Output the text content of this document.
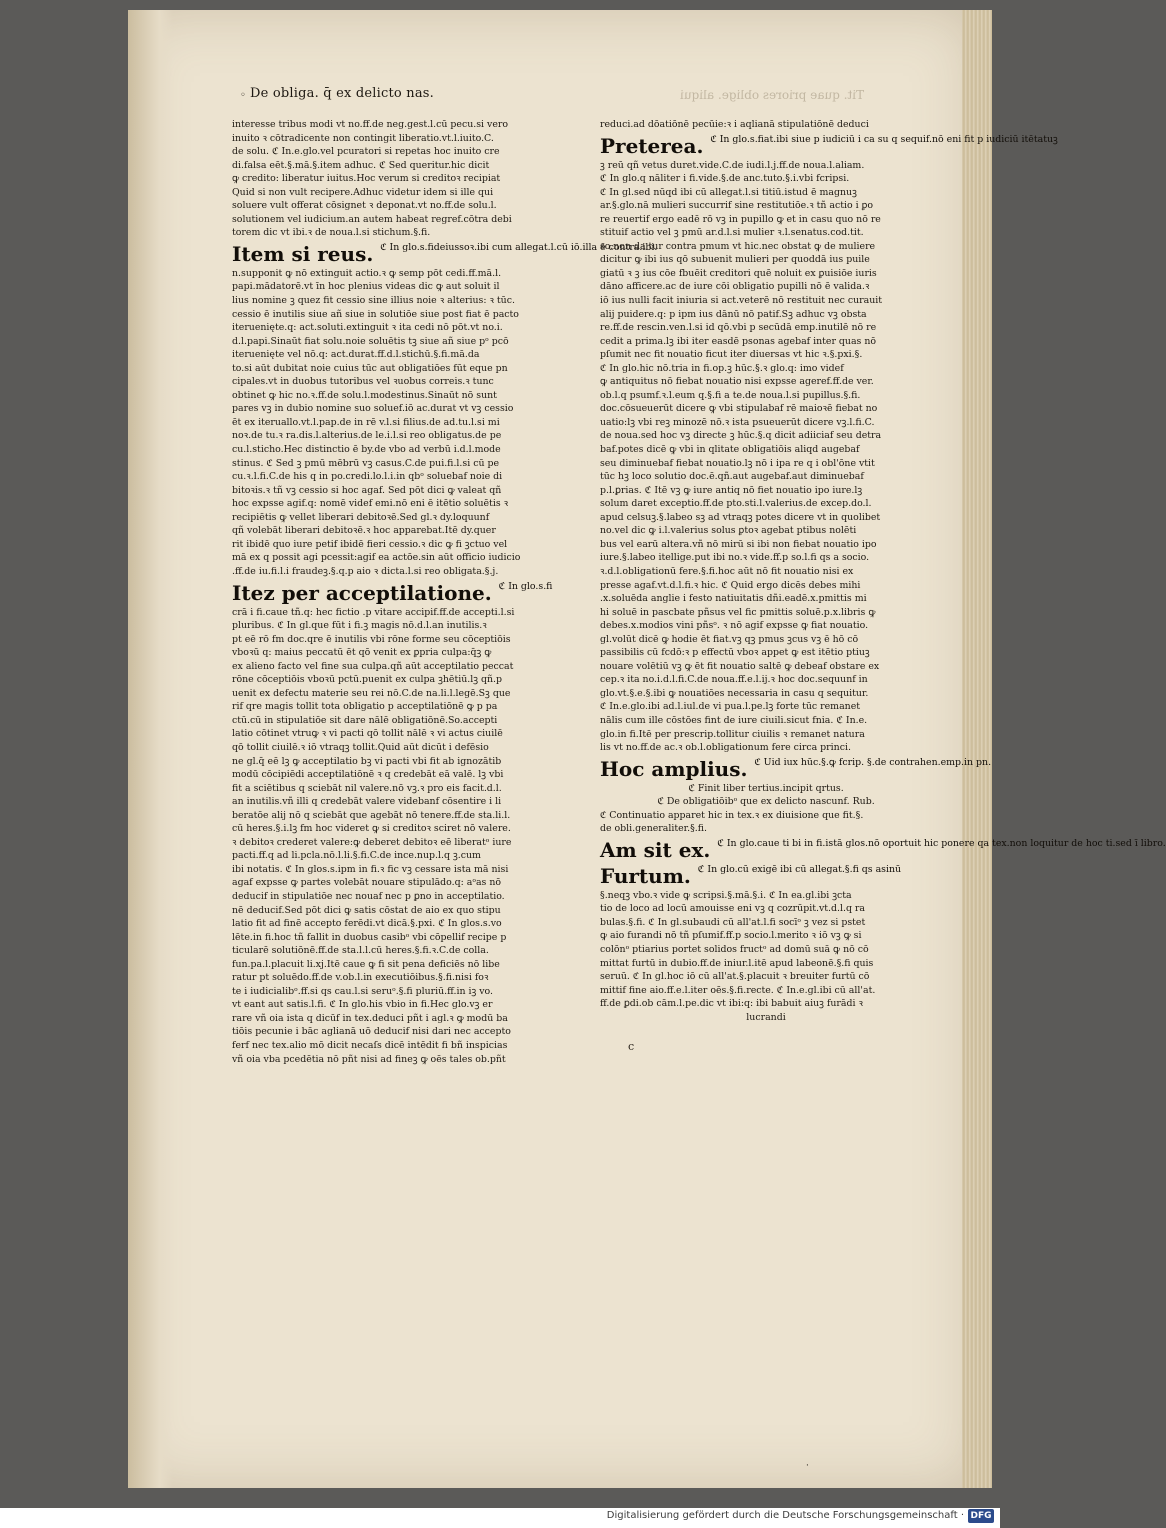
◦ De obliga. q̄ ex delicto nas.	Tit. quae priores oblige. aliqui
interesse tribus modi vt no.ff.de neg.gest.l.cū pecu.si vero
inuito ꝛ cōtradicente non contingit liberatio.vt.l.iuito.C.
de solu. ℭ In.e.glo.vel pcuratori si repetas hoc inuito cre
di.falsa eēt.§.mā.§.item adhuc. ℭ Sed queritur.hic dicit
ꝙ credito: liberatur iuitus.Hoc verum si creditoꝛ recipiat
Quid si non vult recipere.Adhuc videtur idem si ille qui
soluere vult offerat cōsignet ꝛ deponat.vt no.ff.de solu.l.
solutionem vel iudicium.an autem habeat regref.cōtra debi
torem dic vt ibi.ꝛ de noua.l.si stichum.§.fi.
Item si reus. $^{ℭ In glo.s.fideiussoꝛ.ibi cum allegat.l.cū iō.illa ē contra.ibi.}$
n.supponit ꝙ nō extinguit actio.ꝛ ꝙ semp pōt cedi.ff.mā.l.
papi.mādatorē.vt īn hoc plenius videas dic ꝙ aut soluit il
lius nomine ꝫ quez fit cessio sine illius noie ꝛ alterius: ꝛ tūc.
cessio ē inutilis siue añ siue in solutiōe siue post fiat ē pacto
iteruenięte.q: act.soluti.extinguit ꝛ ita cedi nō pōt.vt no.i.
d.l.papi.Sinaūt fiat solu.noie soluētis tꝫ siue añ siue pᵒ pcō
iteruenięte vel nō.q: act.durat.ff.d.l.stichū.§.fi.mā.da
to.si aūt dubitat noie cuius tūc aut obligatiōes fūt eque pn
cipales.vt in duobus tutoribus vel ꝛuobus correis.ꝛ tunc
obtinet ꝙ hic no.ꝛ.ff.de solu.l.modestinus.Sinaūt nō sunt
pares vꝫ in dubio nomine suo soluef.iō ac.durat vt vꝫ cessio
ēt ex iteruallo.vt.l.pap.de in rē v.l.si filius.de ad.tu.l.si mi
noꝛ.de tu.ꝛ ra.dis.l.alterius.de le.i.l.si reo obligatus.de pe
cu.l.sticho.Hec distinctio ē by.de vbo ad verbū i.d.l.mode
stinus. ℭ Sed ꝫ pmū mēbrū vꝫ casus.C.de pui.fi.l.si cū pe
cu.ꝛ.l.fi.C.de his q in po.credi.lo.l.i.in qbᵒ soluebaf noie di
bitoꝛis.ꝛ tñ vꝫ cessio si hoc agaf. Sed pōt dici ꝙ valeat qñ
hoc expsse agif.q: nomē videf emi.nō eni ē itētio soluētis ꝛ
recipiētis ꝙ vellet liberari debitoꝛē.Sed gl.ꝛ dy.loquunf
qñ volebāt liberari debitoꝛē.ꝛ hoc apparebat.Itē dy.quer
rit ibidē quo iure petif ibidē fieri cessio.ꝛ dic ꝙ fi ꝫctuo vel
mā ex q possit agi pcessit:agif ea actōe.sin aūt officio iudicio
.ff.de iu.fi.l.i fraudeꝫ.§.q.p aio ꝛ dicta.l.si reo obligata.§.j.
Itez per acceptilatione. $^{ℭ In glo.s.fi}$
crā i fi.caue tñ.q: hec fictio .p vitare accipif.ff.de accepti.l.si
pluribus. ℭ In gl.que fūt i fi.ꝫ magis nō.d.l.an inutilis.ꝛ
pt eē rō fm doc.qre ē inutilis vbi rōne forme seu cōceptiōis
vboꝛū q: maius peccatū ēt qō venit ex ꝑpria culpa:q̄ꝫ ꝙ
ex alieno facto vel fine sua culpa.qñ aūt acceptilatio peccat
rōne cōceptiōis vboꝛū pctū.puenit ex culpa ꝫhētiū.lꝫ qñ.p
uenit ex defectu materie seu rei nō.C.de na.li.l.legē.Sꝫ que
rif qre magis tollit tota obligatio p acceptilatiōnē ꝙ p pa
ctū.cū in stipulatiōe sit dare nālē obligatiōnē.So.accepti
latio cōtinet vtruꝙ ꝛ vi pacti qō tollit nālē ꝛ vi actus ciuilē
qō tollit ciuilē.ꝛ iō vtraqꝫ tollit.Quid aūt dicūt i defēsio
ne gl.q̄ eē lꝫ ꝙ acceptilatio bꝫ vi pacti vbi fit ab ignozātib
modū cōcipiēdi acceptilatiōnē ꝛ q credebāt eā valē. lꝫ vbi
fit a sciētibus q sciebāt nil valere.nō vꝫ.ꝛ pro eis facit.d.l.
an inutilis.vñ illi q credebāt valere videbanf cōsentire i li
beratōe alij nō q sciebāt que agebāt nō tenere.ff.de sta.li.l.
cū heres.§.i.lꝫ fm hoc videret ꝙ si creditoꝛ sciret nō valere.
ꝛ debitoꝛ crederet valere:ꝙ deberet debitoꝛ eē liberatᵒ iure
pacti.ff.q ad li.pcla.nō.l.li.§.fi.C.de ince.nup.l.q ꝫ.cum
ibi notatis. ℭ In glos.s.ipm in fi.ꝛ fic vꝫ cessare ista mā nisi
agaf expsse ꝙ partes volebāt nouare stipulādo.q: aᵒas nō
deducif in stipulatiōe nec nouaf nec p ꝑno in acceptilatio.
nē deducif.Sed pōt dici ꝙ satis cōstat de aio ex quo stipu
latio fit ad finē accepto ferēdi.vt dicā.§.pxi. ℭ In glos.s.vo
lēte.in fi.hoc tñ fallit in duobus casibᵒ vbi cōpellif recipe p
ticularē solutiōnē.ff.de sta.l.l.cū heres.§.fi.ꝛ.C.de colla.
fun.pa.l.placuit li.xj.Itē caue ꝙ fi sit pena deficiēs nō libe
ratur pt soluēdo.ff.de v.ob.l.in executiōibus.§.fi.nisi foꝛ
te i iudicialibᵒ.ff.si qs cau.l.si seruᵒ.§.fi pluriū.ff.in iꝫ vo.
vt eant aut satis.l.fi. ℭ In glo.his vbio in fi.Hec glo.vꝫ er
rare vñ oia ista q dicūf in tex.deduci pñt i agl.ꝛ ꝙ modū ba
tiōis pecunie i bāc aglianā uō deducif nisi dari nec accepto
ferf nec tex.alio mō dicit necaſs dicē intēdit fi bñ inspicias
vñ oia vba pcedētia nō pñt nisi ad fineꝫ ꝙ oēs tales ob.pñt
reduci.ad dōatiōnē pecūie:ꝛ i aqlianā stipulatiōnē deduci
Preterea. $^{ℭ In glo.s.fiat.ibi siue p iudiciū i ca su q sequif.nō eni fit p iudiciū itētatuꝫ}$
ꝫ reū qñ vetus duret.vide.C.de iudi.l.j.ff.de noua.l.aliam.
ℭ In glo.q nāliter i fi.vide.§.de anc.tuto.§.i.vbi fcripsi.
ℭ In gl.sed nūqd ibi cū allegat.l.si titiū.istud ē magnuꝫ
ar.§.glo.nā mulieri succurrif sine restitutiōe.ꝛ tñ actio i ꝑo
re reuertif ergo eadē rō vꝫ in pupillo ꝙ et in casu quo nō re
stituif actio vel ꝫ pmū ar.d.l.si mulier ꝛ.l.senatus.cod.tit.
so.non da tur contra pmum vt hic.nec obstat ꝙ de muliere
dicitur ꝙ ibi ius qō subuenit mulieri per quoddā ius puile
giatū ꝛ ꝫ ius cōe fbuēit creditori quē noluit ex ꝑuisiōe iuris
dāno afficere.ac de iure cōi obligatio pupilli nō ē valida.ꝛ
iō ius nulli facit iniuria si act.veterē nō restituit nec curauit
alij puidere.q: p ipm ius dānū nō patif.Sꝫ adhuc vꝫ obsta
re.ff.de rescin.ven.l.si id qō.vbi p secūdā emp.inutilē nō re
cedit a prima.lꝫ ibi iter easdē psonas agebaf inter quas nō
pſumit nec fit nouatio ficut iter diuersas vt hic ꝛ.§.pxi.§.
ℭ In glo.hic nō.tria in fi.op.ꝫ hūc.§.ꝛ glo.q: imo videf
ꝙ antiquitus nō fiebat nouatio nisi expsse ageref.ff.de ver.
ob.l.q psumf.ꝛ.l.eum q.§.fi a te.de noua.l.si pupillus.§.fi.
doc.cōsueuerūt dicere ꝙ vbi stipulabaf rē maioꝛē fiebat no
uatio:lꝫ vbi reꝫ minozē nō.ꝛ ista psueuerūt dicere vꝫ.l.fi.C.
de noua.sed hoc vꝫ directe ꝫ hūc.§.q dicit adiiciaf seu detra
baf.potes dicē ꝙ vbi in qlitate obligatiōis aliqd augebaf
seu diminuebaf fiebat nouatio.lꝫ nō i ipa re q i obl'ōne vtit
tūc hꝫ loco solutio doc.ē.qñ.aut augebaf.aut diminuebaf
p.l.ꝑrias. ℭ Itē vꝫ ꝙ iure antiq nō fiet nouatio ipo iure.lꝫ
solum daret exceptio.ff.de pto.sti.l.valerius.de excep.do.l.
apud celsuꝫ.§.labeo sꝫ ad vtraqꝫ potes dicere vt in quolibet
no.vel dic ꝙ i.l.valerius solus ꝑtoꝛ agebat ptibus nolēti
bus vel earū altera.vñ nō mirū si ibi non fiebat nouatio ipo
iure.§.labeo itellige.put ibi no.ꝛ vide.ff.p so.l.fi qs a socio.
ꝛ.d.l.obligationū fere.§.fi.hoc aūt nō fit nouatio nisi ex
presse agaf.vt.d.l.fi.ꝛ hic. ℭ Quid ergo dicēs debes mihi
.x.soluēda anglie i festo natiuitatis dñi.eadē.x.pmittis mi
hi soluē in pascbate pñsus vel fic pmittis soluē.p.x.libris ꝙ
debes.x.modios vini pñsᵒ. ꝛ nō agif expsse ꝙ fiat nouatio.
gl.volūt dicē ꝙ hodie ēt fiat.vꝫ qꝫ pmus ꝫcus vꝫ ē hō cō
passibilis cū fcdō:ꝛ p effectū vboꝛ appet ꝙ est itētio ptiuꝫ
nouare volētiū vꝫ ꝙ ēt fit nouatio saltē ꝙ debeaf obstare ex
cep.ꝛ ita no.i.d.l.fi.C.de noua.ff.e.l.ij.ꝛ hoc doc.sequunf in
glo.vt.§.e.§.ibi ꝙ nouatiōes necessaria in casu q sequitur.
ℭ In.e.glo.ibi ad.l.iul.de vi pua.l.pe.lꝫ forte tūc remanet
nālis cum ille cōstōes fint de iure ciuili.sicut fnia. ℭ In.e.
glo.in fi.Itē per prescrip.tollitur ciuilis ꝛ remanet natura
lis vt no.ff.de ac.ꝛ ob.l.obligationum fere circa princi.
Hoc amplius. $^{ℭ Uid iux hūc.\S.ꝙ fcrip. \S.de contrahen.emp.in pn.}$
ℭ Finit liber tertius.incipit qrtus.
ℭ De obligatiōibᵒ que ex delicto nascunf. Rub.
ℭ Continuatio apparet hic in tex.ꝛ ex diuisione que fit.§.
de obli.generaliter.§.fi.
Am sit ex. $^{ℭ In glo.caue ti bi in fi.istā glos.nō oportuit hic ponere qa tex.non loquitur de hoc ti.sed ī libro.}$
Furtum. $^{ℭ In glo.cū exigē ibi cū allegat.\S.fi qs asinū}$
§.neqꝫ vbo.ꝛ vide ꝙ scripsi.§.mā.§.i. ℭ In ea.gl.ibi ꝫcta
tio de loco ad locū amouisse eni vꝫ q cozrūpit.vt.d.l.q ra
bulas.§.fi. ℭ In gl.subaudi cū all'at.l.fi socīᵒ ꝫ vez si pstet
ꝙ aio furandi nō tñ pſumif.ff.p socio.l.merito ꝛ iō vꝫ ꝙ si
colōnᵒ ptiarius portet solidos fructᵒ ad domū suā ꝙ nō cō
mittat furtū in dubio.ff.de iniur.l.itē apud labeonē.§.fi quis
seruū. ℭ In gl.hoc iō cū all'at.§.placuit ꝛ breuiter furtū cō
mittif fine aio.ff.e.l.iter oēs.§.fi.recte. ℭ In.e.gl.ibi cū all'at.
ff.de ꝑdi.ob cām.l.pe.dic vt ibi:q: ibi babuit aiuꝫ furādi ꝛ
lucrandi
c
·
Digitalisierung gefördert durch die Deutsche Forschungsgemeinschaft · DFG
